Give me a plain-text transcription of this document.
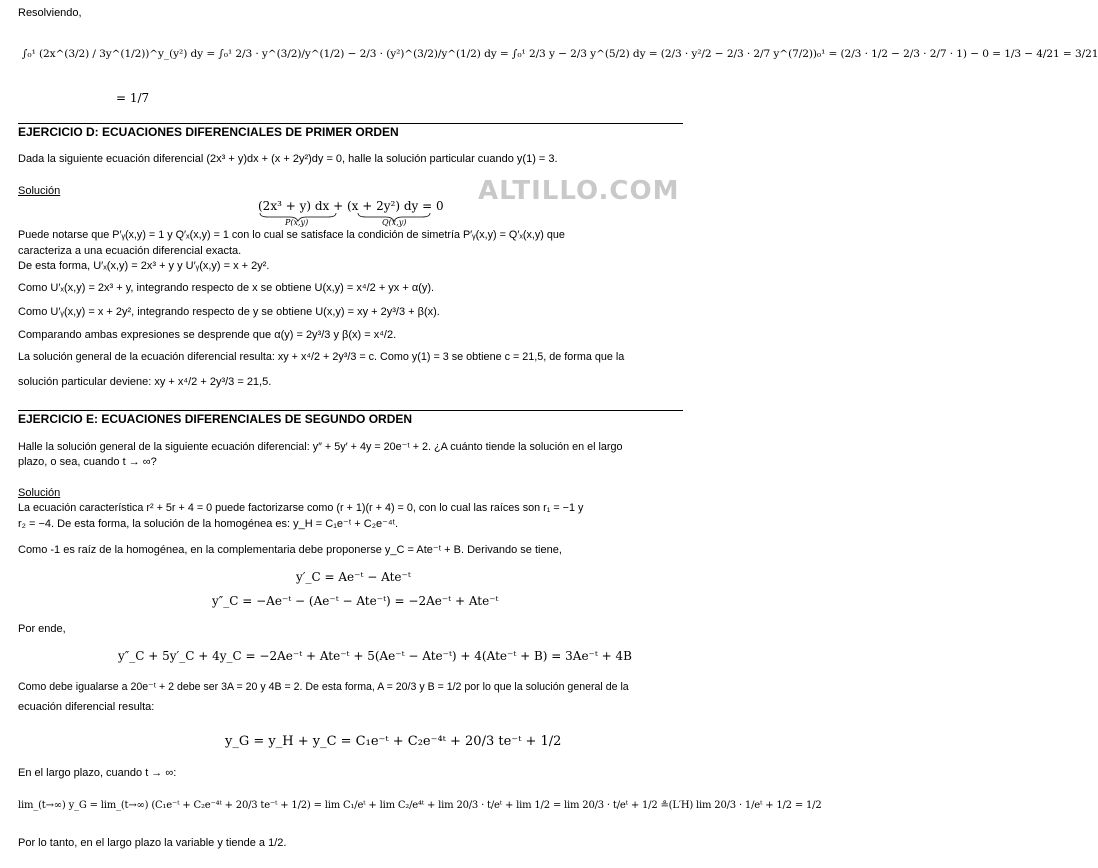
Resolviendo,
∫₀¹ (2x^(3/2) / 3y^(1/2))^y_(y²) dy = ∫₀¹ 2/3 · y^(3/2)/y^(1/2) − 2/3 · (y²)^(3/2)/y^(1/2) dy = ∫₀¹ 2/3 y − 2/3 y^(5/2) dy = (2/3 · y²/2 − 2/3 · 2/7 y^(7/2))₀¹ = (2/3 · 1/2 − 2/3 · 2/7 · 1) − 0 = 1/3 − 4/21 = 3/21
= 1/7
EJERCICIO D: ECUACIONES DIFERENCIALES DE PRIMER ORDEN
Dada la siguiente ecuación diferencial (2x³ + y)dx + (x + 2y²)dy = 0, halle la solución particular cuando y(1) = 3.
Solución	ALTILLO.COM
(2x³ + y) dx + (x + 2y²) dy = 0
P(x,y)	Q(x,y)
Puede notarse que P′ᵧ(x,y) = 1 y Q′ₓ(x,y) = 1 con lo cual se satisface la condición de simetría P′ᵧ(x,y) = Q′ₓ(x,y) que
caracteriza a una ecuación diferencial exacta.
De esta forma, U′ₓ(x,y) = 2x³ + y y U′ᵧ(x,y) = x + 2y².
Como U′ₓ(x,y) = 2x³ + y, integrando respecto de x se obtiene U(x,y) = x⁴/2 + yx + α(y).
Como U′ᵧ(x,y) = x + 2y², integrando respecto de y se obtiene U(x,y) = xy + 2y³/3 + β(x).
Comparando ambas expresiones se desprende que α(y) = 2y³/3 y β(x) = x⁴/2.
La solución general de la ecuación diferencial resulta: xy + x⁴/2 + 2y³/3 = c. Como y(1) = 3 se obtiene c = 21,5, de forma que la
solución particular deviene: xy + x⁴/2 + 2y³/3 = 21,5.
EJERCICIO E: ECUACIONES DIFERENCIALES DE SEGUNDO ORDEN
Halle la solución general de la siguiente ecuación diferencial: y″ + 5y′ + 4y = 20e⁻ᵗ + 2. ¿A cuánto tiende la solución en el largo
plazo, o sea, cuando t → ∞?
Solución
La ecuación característica r² + 5r + 4 = 0 puede factorizarse como (r + 1)(r + 4) = 0, con lo cual las raíces son r₁ = −1 y
r₂ = −4. De esta forma, la solución de la homogénea es: y_H = C₁e⁻ᵗ + C₂e⁻⁴ᵗ.
Como -1 es raíz de la homogénea, en la complementaria debe proponerse y_C = Ate⁻ᵗ + B. Derivando se tiene,
y′_C = Ae⁻ᵗ − Ate⁻ᵗ
y″_C = −Ae⁻ᵗ − (Ae⁻ᵗ − Ate⁻ᵗ) = −2Ae⁻ᵗ + Ate⁻ᵗ
Por ende,
y″_C + 5y′_C + 4y_C = −2Ae⁻ᵗ + Ate⁻ᵗ + 5(Ae⁻ᵗ − Ate⁻ᵗ) + 4(Ate⁻ᵗ + B) = 3Ae⁻ᵗ + 4B
Como debe igualarse a 20e⁻ᵗ + 2 debe ser 3A = 20 y 4B = 2. De esta forma, A = 20/3 y B = 1/2 por lo que la solución general de la
ecuación diferencial resulta:
y_G = y_H + y_C = C₁e⁻ᵗ + C₂e⁻⁴ᵗ + 20/3 te⁻ᵗ + 1/2
En el largo plazo, cuando t → ∞:
lim_(t→∞) y_G = lim_(t→∞) (C₁e⁻ᵗ + C₂e⁻⁴ᵗ + 20/3 te⁻ᵗ + 1/2) = lim C₁/eᵗ + lim C₂/e⁴ᵗ + lim 20/3 · t/eᵗ + lim 1/2 = lim 20/3 · t/eᵗ + 1/2 ≗(L′H) lim 20/3 · 1/eᵗ + 1/2 = 1/2
Por lo tanto, en el largo plazo la variable y tiende a 1/2.
